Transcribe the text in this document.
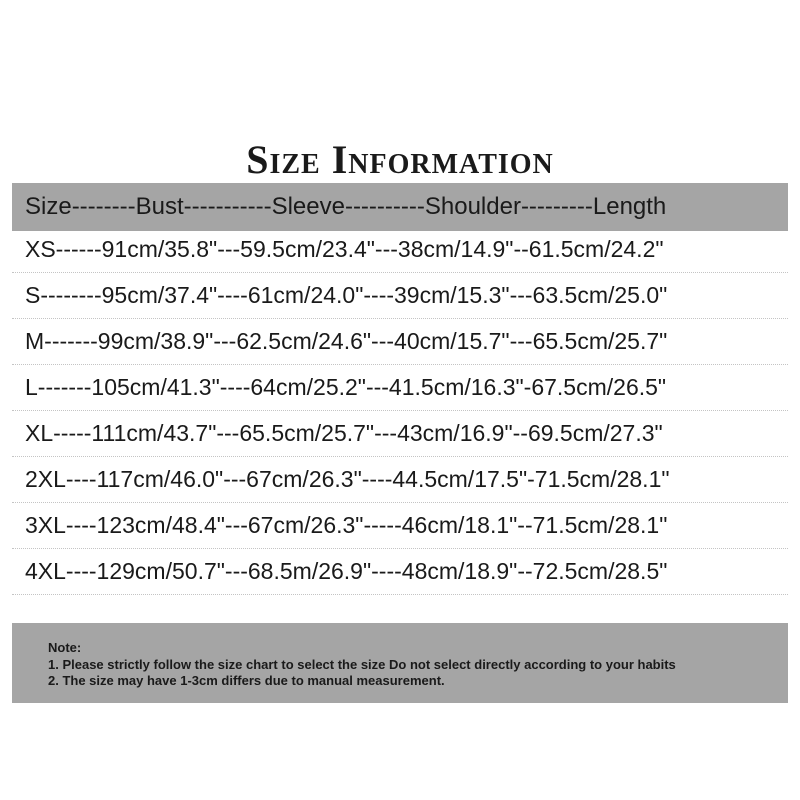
Size Information
Size--------Bust-----------Sleeve----------Shoulder---------Length
XS------91cm/35.8"---59.5cm/23.4"---38cm/14.9"--61.5cm/24.2"
S--------95cm/37.4"----61cm/24.0"----39cm/15.3"---63.5cm/25.0"
M-------99cm/38.9"---62.5cm/24.6"---40cm/15.7"---65.5cm/25.7"
L-------105cm/41.3"----64cm/25.2"---41.5cm/16.3"-67.5cm/26.5"
XL-----111cm/43.7"---65.5cm/25.7"---43cm/16.9"--69.5cm/27.3"
2XL----117cm/46.0"---67cm/26.3"----44.5cm/17.5"-71.5cm/28.1"
3XL----123cm/48.4"---67cm/26.3"-----46cm/18.1"--71.5cm/28.1"
4XL----129cm/50.7"---68.5m/26.9"----48cm/18.9"--72.5cm/28.5"
Note:
1. Please strictly follow the size chart to select the size Do not select directly according to your habits
2. The size may have 1-3cm differs due to manual measurement.
